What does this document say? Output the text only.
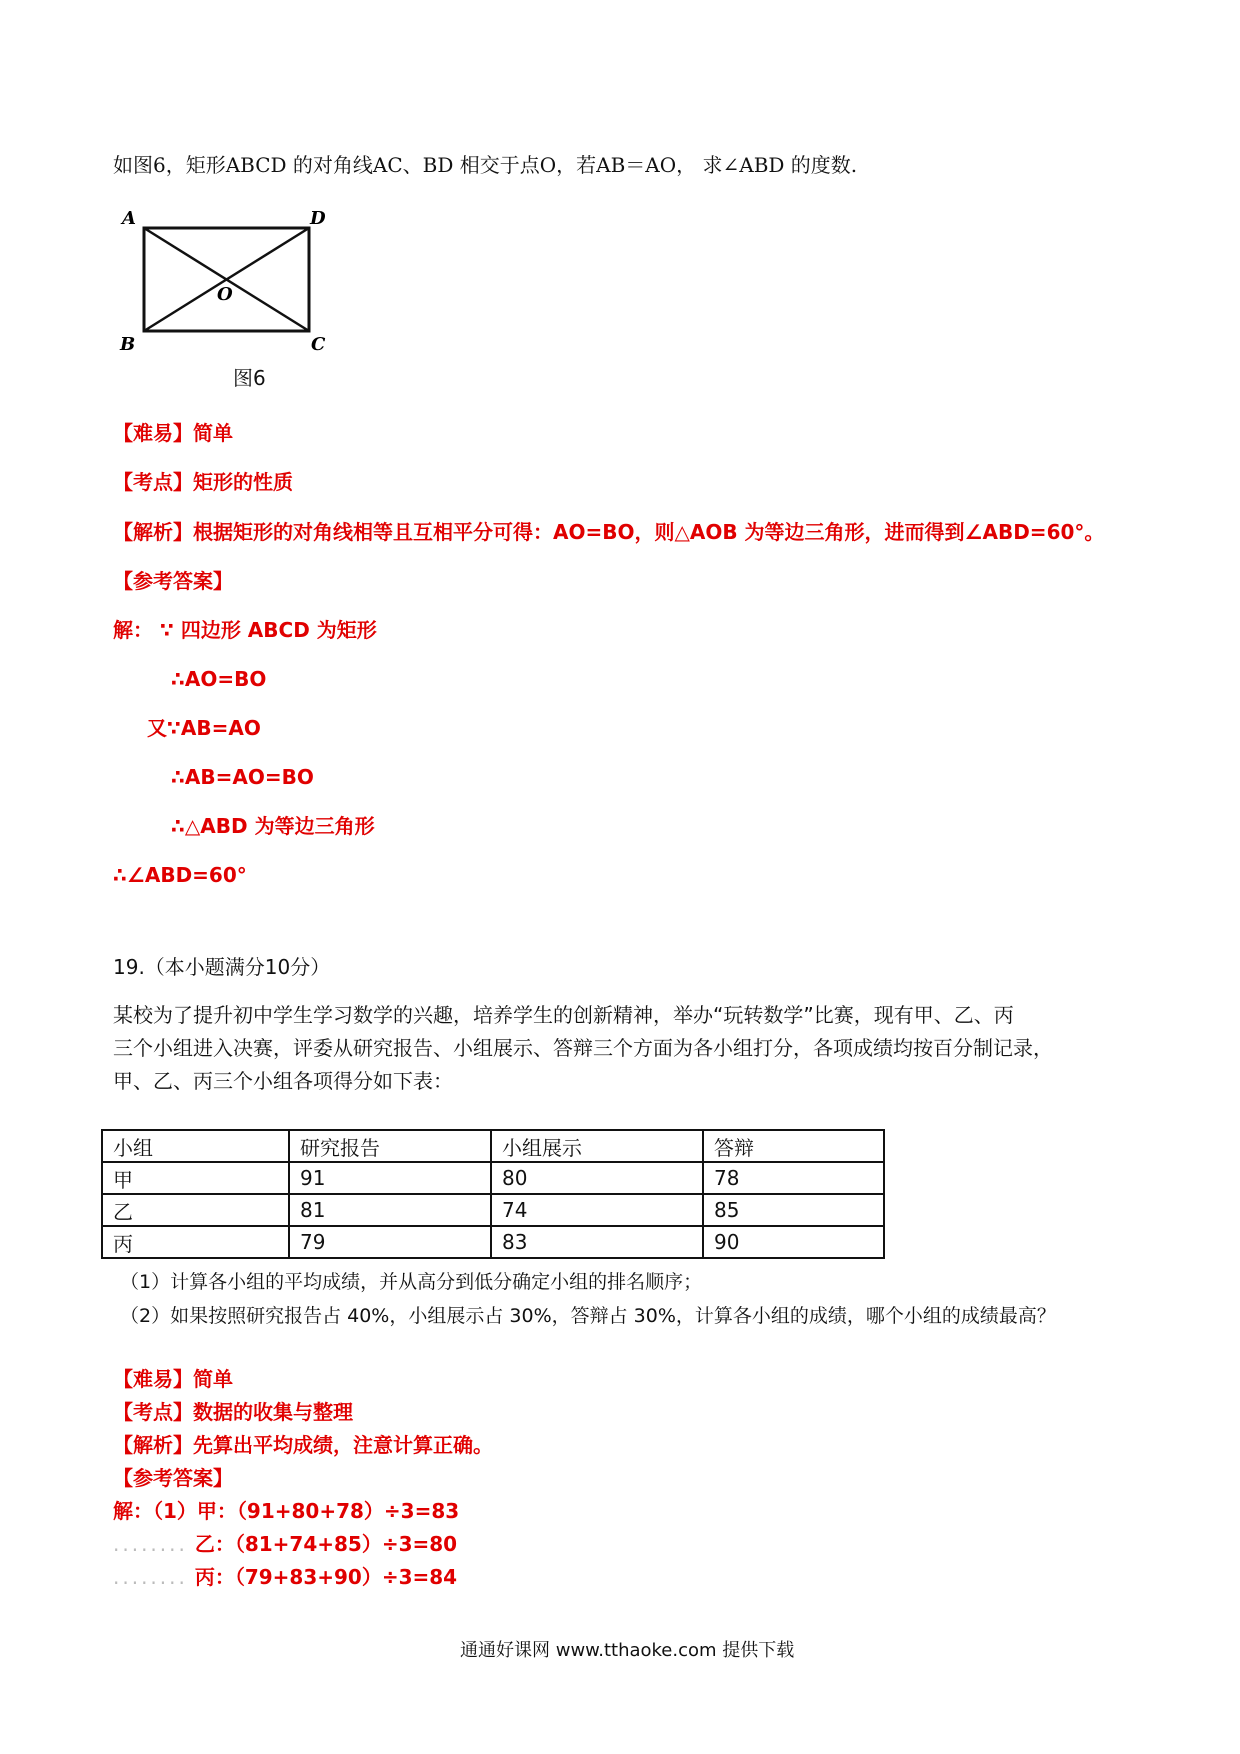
如图6，矩形ABCD 的对角线AC、BD 相交于点O，若AB＝AO， 求∠ABD 的度数.
A	D
B	C
O
图6
【难易】简单
【考点】矩形的性质
【解析】根据矩形的对角线相等且互相平分可得：AO=BO，则△AOB 为等边三角形，进而得到∠ABD=60°。
【参考答案】
解： ∵ 四边形 ABCD 为矩形
∴AO=BO
又∵AB=AO
∴AB=AO=BO
∴△ABD 为等边三角形
∴∠ABD=60°
19.（本小题满分10分）
某校为了提升初中学生学习数学的兴趣，培养学生的创新精神，举办“玩转数学”比赛，现有甲、乙、丙
三个小组进入决赛，评委从研究报告、小组展示、答辩三个方面为各小组打分，各项成绩均按百分制记录，
甲、乙、丙三个小组各项得分如下表：
小组	研究报告	小组展示	答辩
甲	91	80	78
乙	81	74	85
丙	79	83	90
（1）计算各小组的平均成绩，并从高分到低分确定小组的排名顺序；
（2）如果按照研究报告占 40%，小组展示占 30%，答辩占 30%，计算各小组的成绩，哪个小组的成绩最高？
【难易】简单
【考点】数据的收集与整理
【解析】先算出平均成绩，注意计算正确。
【参考答案】
解：（1）甲：（91+80+78）÷3=83
........ 乙：（81+74+85）÷3=80
........ 丙：（79+83+90）÷3=84
通通好课网 www.tthaoke.com 提供下载
